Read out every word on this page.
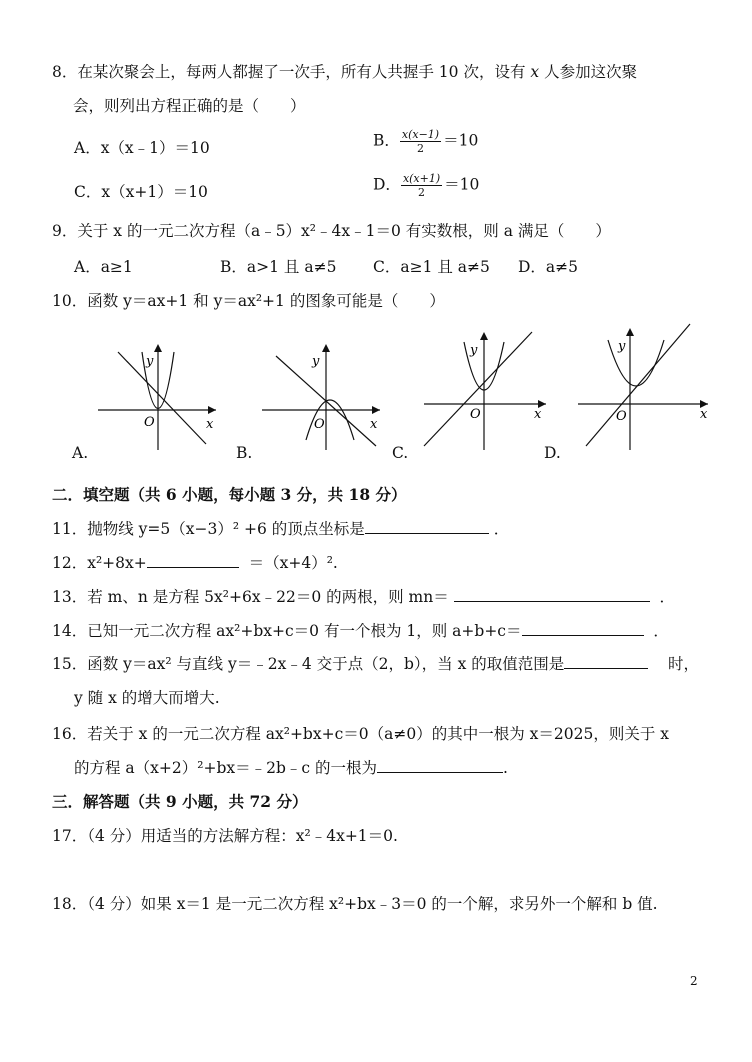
8．在某次聚会上，每两人都握了一次手，所有人共握手 10 次，设有 x 人参加这次聚
会，则列出方程正确的是（　　）
A．x（x﹣1）＝10	B． $\frac{x(x-1)}{2} =10$
C．x（x+1）＝10	D． $\frac{x(x+1)}{2} =10$
9．关于 x 的一元二次方程（a﹣5）x²﹣4x﹣1＝0 有实数根，则 a 满足（　　）
A．a≥1	B．a>1 且 a≠5 C．a≥1 且 a≠5 D．a≠5
10．函数 y＝ax+1 和 y＝ax²+1 的图象可能是（　　）
y
x
O
A.
y
x
O
B.
y
x
O
C.
y
x
O
D.
二．填空题（共 6 小题，每小题 3 分，共 18 分）
11．抛物线 y=5（x−3）² +6 的顶点坐标是	．
12．x²+8x+	＝（x+4）².
13．若 m、n 是方程 5x²+6x﹣22＝0 的两根，则 mn＝	．
14．已知一元二次方程 ax²+bx+c＝0 有一个根为 1，则 a+b+c＝	．
15．函数 y＝ax² 与直线 y＝﹣2x﹣4 交于点（2，b），当 x 的取值范围是	时，
y 随 x 的增大而增大.
16．若关于 x 的一元二次方程 ax²+bx+c＝0（a≠0）的其中一根为 x＝2025，则关于 x
的方程 a（x+2）²+bx＝﹣2b﹣c 的一根为	.
三．解答题（共 9 小题，共 72 分）
17．（4 分）用适当的方法解方程：x²﹣4x+1＝0.
18．（4 分）如果 x＝1 是一元二次方程 x²+bx﹣3＝0 的一个解，求另外一个解和 b 值.
2
